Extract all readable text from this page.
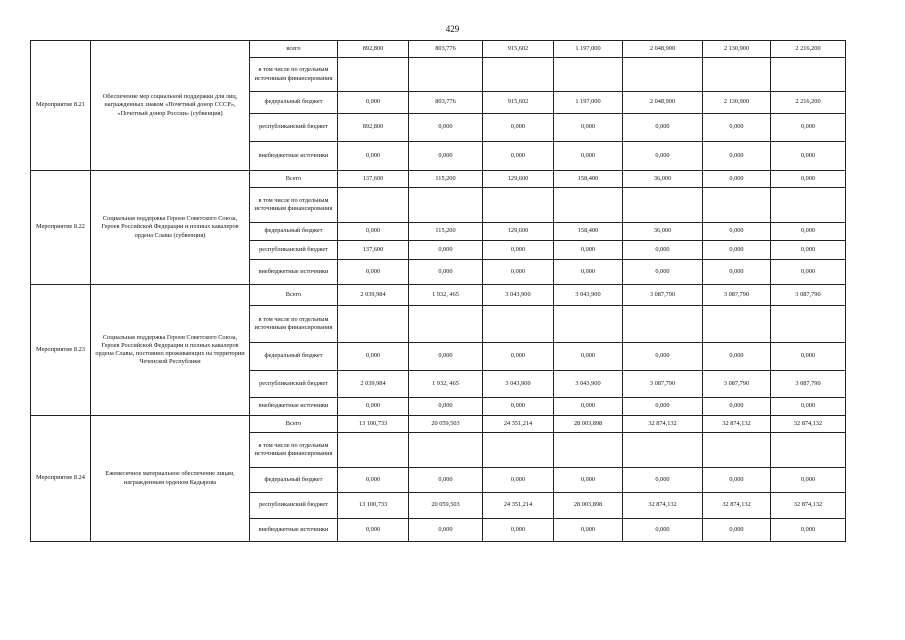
429
Мероприятие 8.21	Обеспечение мер социальной поддержки для лиц, награжденных знаком «Почетный донор СССР», «Почетный донор России» (субвенция)	всего	892,800	803,776	915,602	1 197,000	2 048,900	2 130,900	2 216,200
		в том числе по отдельным источникам финансирования							
		федеральный бюджет	0,000	803,776	915,602	1 197,000	2 048,900	2 130,900	2 216,200
		республиканский бюджет	892,800	0,000	0,000	0,000	0,000	0,000	0,000
		внебюджетные источники	0,000	0,000	0,000	0,000	0,000	0,000	0,000
Мероприятие 8.22	Социальная поддержка Героев Советского Союза, Героев Российской Федерации и полных кавалеров ордена Славы (субвенция)	Всего	137,600	115,200	129,600	158,400	36,000	0,000	0,000
		в том числе по отдельным источникам финансирования							
		федеральный бюджет	0,000	115,200	129,600	158,400	36,000	0,000	0,000
		республиканский бюджет	137,600	0,000	0,000	0,000	0,000	0,000	0,000
		внебюджетные источники	0,000	0,000	0,000	0,000	0,000	0,000	0,000
Мероприятие 8.23	Социальная поддержка Героев Советского Союза, Героев Российской Федерации и полных кавалеров ордена Славы, постоянно проживающих на территории Чеченской Республики	Всего	2 039,984	1 932, 465	3 043,900	3 043,900	3 087,790	3 087,790	3 087,790
		в том числе по отдельным источникам финансирования							
		федеральный бюджет	0,000	0,000	0,000	0,000	0,000	0,000	0,000
		республиканский бюджет	2 039,984	1 932, 465	3 043,900	3 043,900	3 087,790	3 087,790	3 087,790
		внебюджетные источники	0,000	0,000	0,000	0,000	0,000	0,000	0,000
Мероприятие 8.24	Ежемесячное материальное обеспечение лицам, награжденным орденом Кадырова	Всего	13 100,733	20 059,503	24 351,214	28 003,898	32 874,132	32 874,132	32 874,132
		в том числе по отдельным источникам финансирования							
		федеральный бюджет	0,000	0,000	0,000	0,000	0,000	0,000	0,000
		республиканский бюджет	13 100,733	20 059,503	24 351,214	28 003,898	32 874,132	32 874,132	32 874,132
		внебюджетные источники	0,000	0,000	0,000	0,000	0,000	0,000	0,000
